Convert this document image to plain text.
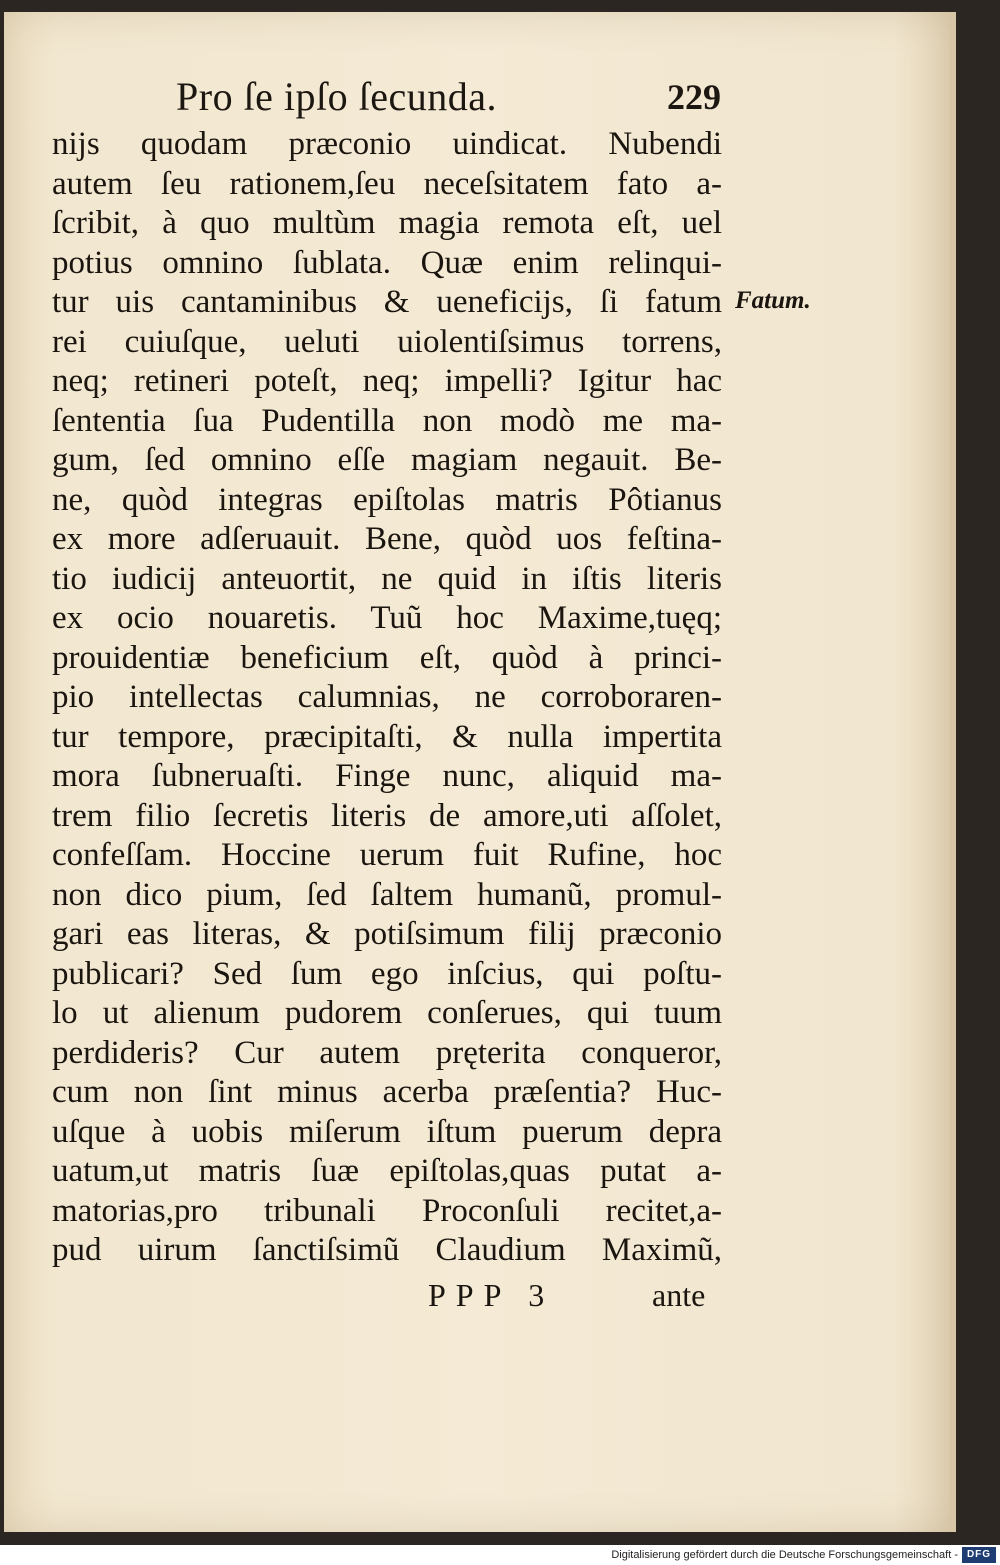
Pro ſe ipſo ſecunda.	229
nijs quodam præconio uindicat. Nubendi
autem ſeu rationem,ſeu neceſsitatem fato a-
ſcribit, à quo multùm magia remota eſt, uel
potius omnino ſublata. Quæ enim relinqui-
tur uis cantaminibus & ueneficijs, ſi fatum
rei cuiuſque, ueluti uiolentiſsimus torrens,
neq; retineri poteſt, neq; impelli? Igitur hac
ſententia ſua Pudentilla non modò me ma-
gum, ſed omnino eſſe magiam negauit. Be-
ne, quòd integras epiſtolas matris Pôtianus
ex more adſeruauit. Bene, quòd uos feſtina-
tio iudicij anteuortit, ne quid in iſtis literis
ex ocio nouaretis. Tuũ hoc Maxime,tuęq;
prouidentiæ beneficium eſt, quòd à princi-
pio intellectas calumnias, ne corroboraren-
tur tempore, præcipitaſti, & nulla impertita
mora ſubneruaſti. Finge nunc, aliquid ma-
trem filio ſecretis literis de amore,uti aſſolet,
confeſſam. Hoccine uerum fuit Rufine, hoc
non dico pium, ſed ſaltem humanũ, promul-
gari eas literas, & potiſsimum filij præconio
publicari? Sed ſum ego inſcius, qui poſtu-
lo ut alienum pudorem conſerues, qui tuum
perdideris? Cur autem pręterita conqueror,
cum non ſint minus acerba præſentia? Huc-
uſque à uobis miſerum iſtum puerum depra
uatum,ut matris ſuæ epiſtolas,quas putat a-
matorias,pro tribunali Proconſuli recitet,a-
pud uirum ſanctiſsimũ Claudium Maximũ,
Fatum.
PPP 3	ante
Digitalisierung gefördert durch die Deutsche Forschungsgemeinschaft - DFG
